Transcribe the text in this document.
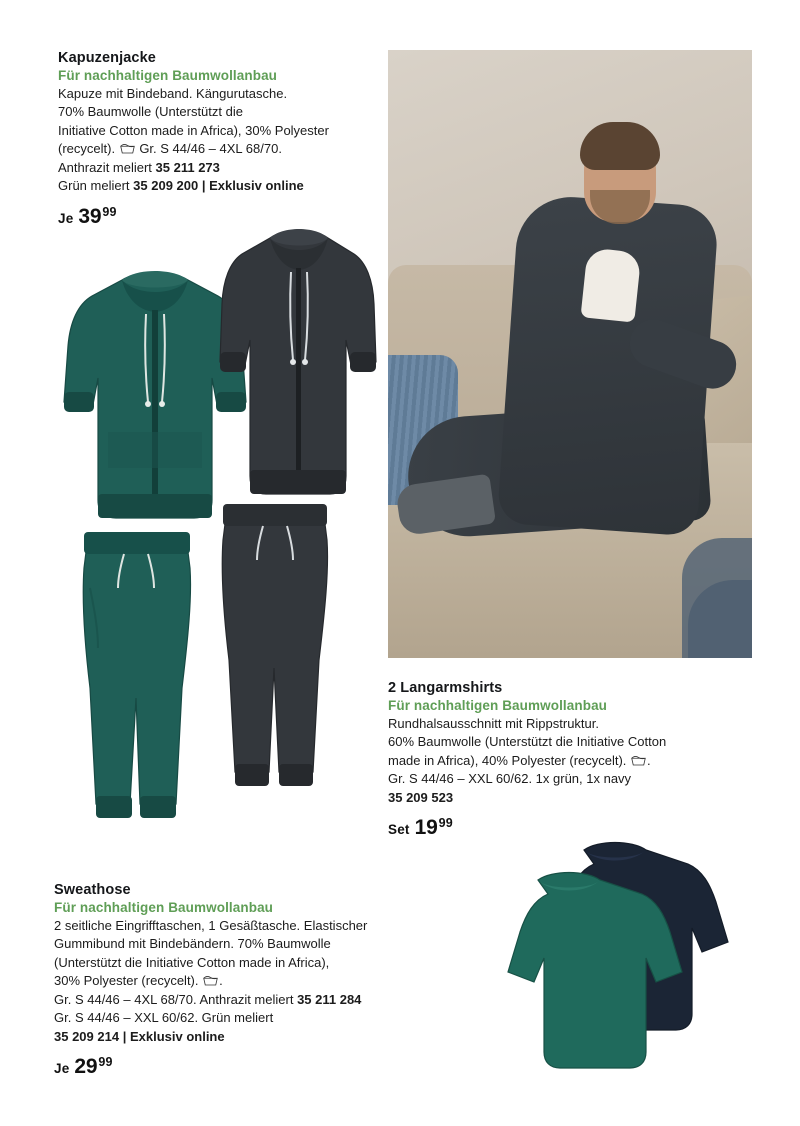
Kapuzenjacke
Für nachhaltigen Baumwollanbau
Kapuze mit Bindeband. Kängurutasche.
70% Baumwolle (Unterstützt die
Initiative Cotton made in Africa), 30% Polyester
(recycelt). Gr. S 44/46 – 4XL 68/70.
Anthrazit meliert 35 211 273
Grün meliert 35 209 200 | Exklusiv online
Je 3999
2 Langarmshirts
Für nachhaltigen Baumwollanbau
Rundhalsausschnitt mit Rippstruktur.
60% Baumwolle (Unterstützt die Initiative Cotton
made in Africa), 40% Polyester (recycelt). .
Gr. S 44/46 – XXL 60/62. 1x grün, 1x navy
35 209 523
Set 1999
Sweathose
Für nachhaltigen Baumwollanbau
2 seitliche Eingrifftaschen, 1 Gesäßtasche. Elastischer
Gummibund mit Bindebändern. 70% Baumwolle
(Unterstützt die Initiative Cotton made in Africa),
30% Polyester (recycelt). .
Gr. S 44/46 – 4XL 68/70. Anthrazit meliert 35 211 284
Gr. S 44/46 – XXL 60/62. Grün meliert
35 209 214 | Exklusiv online
Je 2999
